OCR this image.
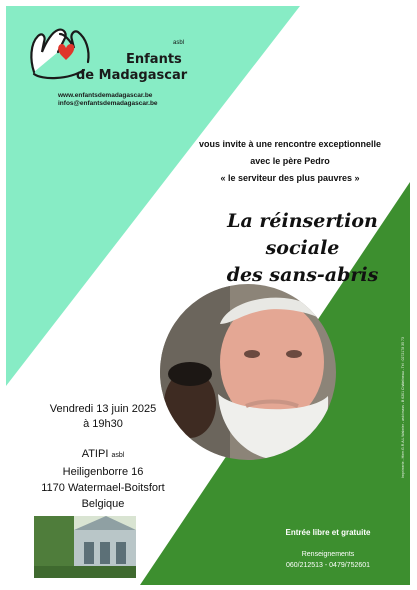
asbl
Enfants
de Madagascar
www.enfantsdemadagascar.be
infos@enfantsdemadagascar.be
vous invite à une rencontre exceptionnelle
avec le père Pedro
« le serviteur des plus pauvres »
La réinsertion sociale
des sans-abris
Vendredi 13 juin 2025
à 19h30
ATIPI asbl
Heiligenborre 16
1170 Watermael-Boitsfort
Belgique
Entrée libre et gratuite
Renseignements
060/212513 - 0479/752601
Imprimerie - Hierr.G.R.A.L Walmier - asbl mass - B 6201 Châtelineau - Tél : 0272178 35 73
